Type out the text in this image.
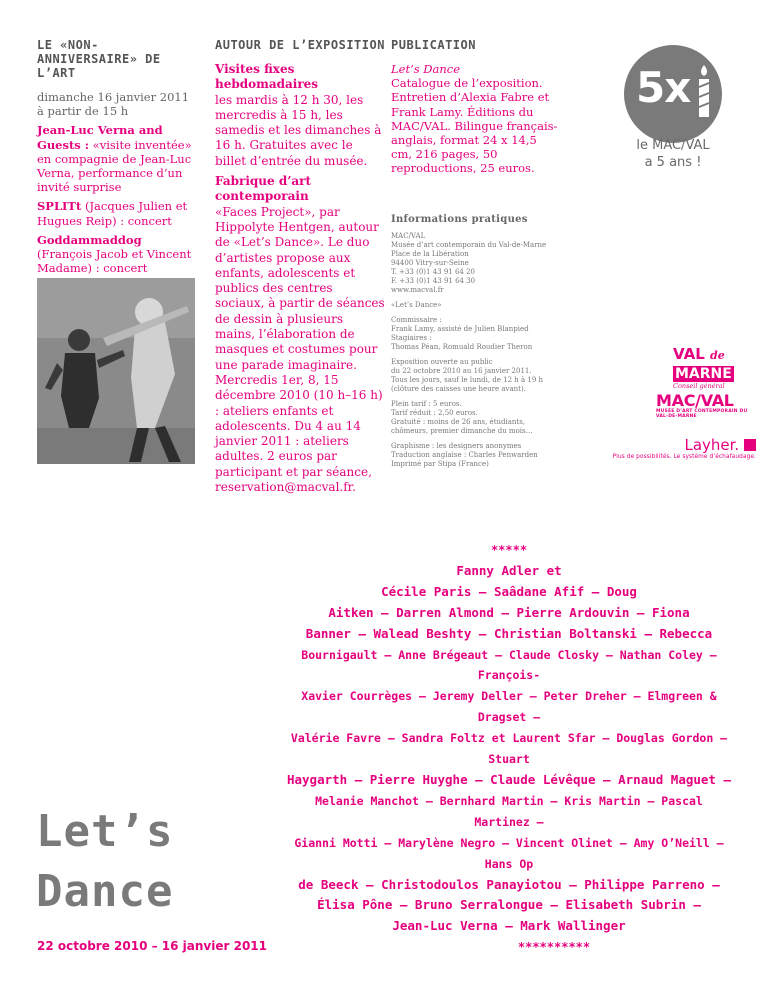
LE «NON-ANNIVERSAIRE» DE L’ART
dimanche 16 janvier 2011
à partir de 15 h
Jean-Luc Verna and Guests : «visite inventée» en compagnie de Jean-Luc Verna, performance d’un invité surprise
SPLITt (Jacques Julien et Hugues Reip) : concert
Goddammaddog
(François Jacob et Vincent Madame) : concert
AUTOUR DE L’EXPOSITION
Visites fixes hebdomadaires
les mardis à 12 h 30, les mercredis à 15 h, les samedis et les dimanches à 16 h. Gratuites avec le billet d’entrée du musée.
Fabrique d’art contemporain
«Faces Project», par Hippolyte Hentgen, autour de «Let’s Dance». Le duo d’artistes propose aux enfants, adolescents et publics des centres sociaux, à partir de séances de dessin à plusieurs mains, l’élaboration de masques et costumes pour une parade imaginaire. Mercredis 1er, 8, 15 décembre 2010 (10 h–16 h) : ateliers enfants et adolescents. Du 4 au 14 janvier 2011 : ateliers adultes. 2 euros par participant et par séance, reservation@macval.fr.
PUBLICATION
Let’s Dance
Catalogue de l’exposition. Entretien d’Alexia Fabre et Frank Lamy. Éditions du MAC/VAL. Bilingue français-anglais, format 24 x 14,5 cm, 216 pages, 50 reproductions, 25 euros.
Informations pratiques
MAC/VAL
Musée d’art contemporain du Val-de-Marne
Place de la Libération
94400 Vitry-sur-Seine
T. +33 (0)1 43 91 64 20
F. +33 (0)1 43 91 64 30
www.macval.fr
«Let’s Dance»
Commissaire :
Frank Lamy, assisté de Julien Blanpied
Stagiaires :
Thomas Péan, Romuald Roudier Theron
Exposition ouverte au public
du 22 octobre 2010 au 16 janvier 2011.
Tous les jours, sauf le lundi, de 12 h à 19 h
(clôture des caisses une heure avant).
Plein tarif : 5 euros.
Tarif réduit : 2,50 euros.
Gratuité : moins de 26 ans, étudiants,
chômeurs, premier dimanche du mois…
Graphisme : les designers anonymes
Traduction anglaise : Charles Penwarden
Imprimé par Stipa (France)
5x
le MAC/VAL
a 5 ans !
VAL de
MARNE
Conseil général
MAC/VAL
MUSÉE D’ART CONTEMPORAIN DU VAL-DE-MARNE
Layher.
Plus de possibilités. Le système d’échafaudage.
*****
Fanny Adler et
Cécile Paris – Saâdane Afif – Doug
Aitken – Darren Almond – Pierre Ardouvin – Fiona
Banner – Walead Beshty – Christian Boltanski – Rebecca
Bournigault – Anne Brégeaut – Claude Closky – Nathan Coley – François-
Xavier Courrèges – Jeremy Deller – Peter Dreher – Elmgreen & Dragset –
Valérie Favre – Sandra Foltz et Laurent Sfar – Douglas Gordon – Stuart
Haygarth – Pierre Huyghe – Claude Lévêque – Arnaud Maguet –
Melanie Manchot – Bernhard Martin – Kris Martin – Pascal Martinez –
Gianni Motti – Marylène Negro – Vincent Olinet – Amy O’Neill – Hans Op
de Beeck – Christodoulos Panayiotou – Philippe Parreno –
Élisa Pône – Bruno Serralongue – Elisabeth Subrin –
Jean-Luc Verna – Mark Wallinger
**********
Let’s
Dance
22 octobre 2010 – 16 janvier 2011
